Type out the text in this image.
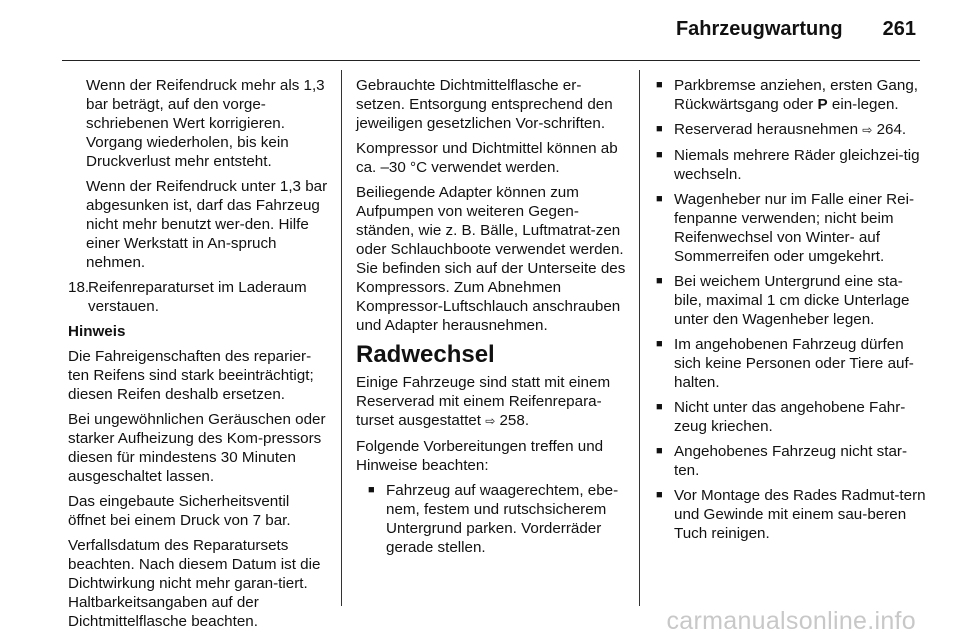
Fahrzeugwartung 261

Wenn der Reifendruck mehr als 1,3 bar beträgt, auf den vorge-schriebenen Wert korrigieren. Vorgang wiederholen, bis kein Druckverlust mehr entsteht.

Wenn der Reifendruck unter 1,3 bar abgesunken ist, darf das Fahrzeug nicht mehr benutzt wer-den. Hilfe einer Werkstatt in An-spruch nehmen.

18.
Reifenreparaturset im Laderaum verstauen.

Hinweis

Die Fahreigenschaften des reparier-ten Reifens sind stark beeinträchtigt; diesen Reifen deshalb ersetzen.

Bei ungewöhnlichen Geräuschen oder starker Aufheizung des Kom-pressors diesen für mindestens 30 Minuten ausgeschaltet lassen.

Das eingebaute Sicherheitsventil öffnet bei einem Druck von 7 bar.

Verfallsdatum des Reparatursets beachten. Nach diesem Datum ist die Dichtwirkung nicht mehr garan-tiert. Haltbarkeitsangaben auf der Dichtmittelflasche beachten.

Gebrauchte Dichtmittelflasche er-setzen. Entsorgung entsprechend den jeweiligen gesetzlichen Vor-schriften.

Kompressor und Dichtmittel können ab ca. –30 °C verwendet werden.

Beiliegende Adapter können zum Aufpumpen von weiteren Gegen-ständen, wie z. B. Bälle, Luftmatrat-zen oder Schlauchboote verwendet werden. Sie befinden sich auf der Unterseite des Kompressors. Zum Abnehmen Kompressor-Luftschlauch anschrauben und Adapter herausnehmen.

Radwechsel

Einige Fahrzeuge sind statt mit einem Reserverad mit einem Reifenrepara-turset ausgestattet ⇨ 258.

Folgende Vorbereitungen treffen und Hinweise beachten:

■ Fahrzeug auf waagerechtem, ebe-nem, festem und rutschsicherem Untergrund parken. Vorderräder gerade stellen.
■ Parkbremse anziehen, ersten Gang, Rückwärtsgang oder P ein-legen.
■ Reserverad herausnehmen ⇨ 264.
■ Niemals mehrere Räder gleichzei-tig wechseln.
■ Wagenheber nur im Falle einer Rei-fenpanne verwenden; nicht beim Reifenwechsel von Winter- auf Sommerreifen oder umgekehrt.
■ Bei weichem Untergrund eine sta-bile, maximal 1 cm dicke Unterlage unter den Wagenheber legen.
■ Im angehobenen Fahrzeug dürfen sich keine Personen oder Tiere auf-halten.
■ Nicht unter das angehobene Fahr-zeug kriechen.
■ Angehobenes Fahrzeug nicht star-ten.
■ Vor Montage des Rades Radmut-tern und Gewinde mit einem sau-beren Tuch reinigen.
carmanualsonline.info
